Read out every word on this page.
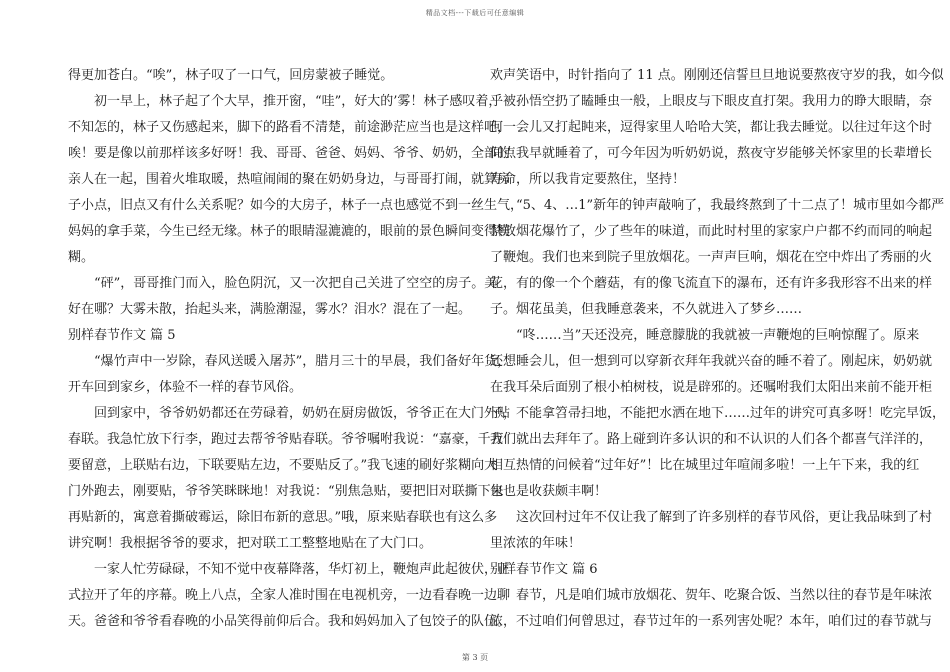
精品文档---下载后可任意编辑
得更加苍白。“唉”，林子叹了一口气，回房蒙被子睡觉。
　　初一早上，林子起了个大早，推开窗，“哇”，好大的’雾！林子感叹着，
不知怎的，林子又伤感起来，脚下的路看不清楚，前途渺茫应当也是这样吧，
唉！要是像以前那样该多好呀！我、哥哥、爸爸、妈妈、爷爷、奶奶，全部的
亲人在一起，围着火堆取暖，热喧闹闹的聚在奶奶身边，与哥哥打闹，就算房
子小点，旧点又有什么关系呢？如今的大房子，林子一点也感觉不到一丝生气，
妈妈的拿手菜，今生已经无缘。林子的眼睛湿漉漉的，眼前的景色瞬间变得模
糊。
　　“砰”，哥哥推门而入，脸色阴沉，又一次把自己关进了空空的房子。美
好在哪？大雾未散，抬起头来，满脸潮湿，雾水？泪水？混在了一起。
别样春节作文 篇 5
　　“爆竹声中一岁除，春风送暖入屠苏”，腊月三十的早晨，我们备好年货，
开车回到家乡，体验不一样的春节风俗。
　　回到家中，爷爷奶奶都还在劳碌着，奶奶在厨房做饭，爷爷正在大门外贴
春联。我急忙放下行李，跑过去帮爷爷贴春联。爷爷嘱咐我说：“嘉豪，千万
要留意，上联贴右边，下联要贴左边，不要贴反了。”我飞速的刷好浆糊向大
门外跑去，刚要贴，爷爷笑眯眯地！对我说：“别焦急贴，要把旧对联撕下来
再贴新的，寓意着撕破霉运，除旧布新的意思。”哦，原来贴春联也有这么多
讲究啊！我根据爷爷的要求，把对联工工整整地贴在了大门口。
　　一家人忙劳碌碌，不知不觉中夜幕降落，华灯初上，鞭炮声此起彼伏，正
式拉开了年的序幕。晚上八点，全家人准时围在电视机旁，一边看春晚一边聊
天。爸爸和爷爷看春晚的小品笑得前仰后合。我和妈妈加入了包饺子的队伍。
欢声笑语中，时针指向了 11 点。刚刚还信誓旦旦地说要熬夜守岁的我，如今似
乎被孙悟空扔了瞌睡虫一般，上眼皮与下眼皮直打架。我用力的睁大眼睛，奈
何一会儿又打起盹来，逗得家里人哈哈大笑，都让我去睡觉。以往过年这个时
间点我早就睡着了，可今年因为听奶奶说，熬夜守岁能够关怀家里的长辈增长
寿命，所以我肯定要熬住，坚持！
　　“5、4、…1”新年的钟声敲响了，我最终熬到了十二点了！城市里如今都严
禁放烟花爆竹了，少了些年的味道，而此时村里的家家户户都不约而同的响起
了鞭炮。我们也来到院子里放烟花。一声声巨响，烟花在空中炸出了秀丽的火
花，有的像一个个蘑菇，有的像飞流直下的瀑布，还有许多我形容不出来的样
子。烟花虽美，但我睡意袭来，不久就进入了梦乡……
　　“咚……当”天还没亮，睡意朦胧的我就被一声鞭炮的巨响惊醒了。原来
还想睡会儿，但一想到可以穿新衣拜年我就兴奋的睡不着了。刚起床，奶奶就
在我耳朵后面别了根小柏树枝，说是辟邪的。还嘱咐我们太阳出来前不能开柜
子，不能拿笤帚扫地，不能把水洒在地下……过年的讲究可真多呀！吃完早饭，
我们就出去拜年了。路上碰到许多认识的和不认识的人们各个都喜气洋洋的，
相互热情的问候着“过年好”！比在城里过年喧闹多啦！一上午下来，我的红
包也是收获颇丰啊！
　　这次回村过年不仅让我了解到了许多别样的春节风俗，更让我品味到了村
里浓浓的年味！
别样春节作文 篇 6
　　春节，凡是咱们城市放烟花、贺年、吃聚合饭、当然以往的春节是年味浓
浓，不过咱们何曾思过，春节过年的一系列害处呢？本年，咱们过的春节就与
第 3 页
